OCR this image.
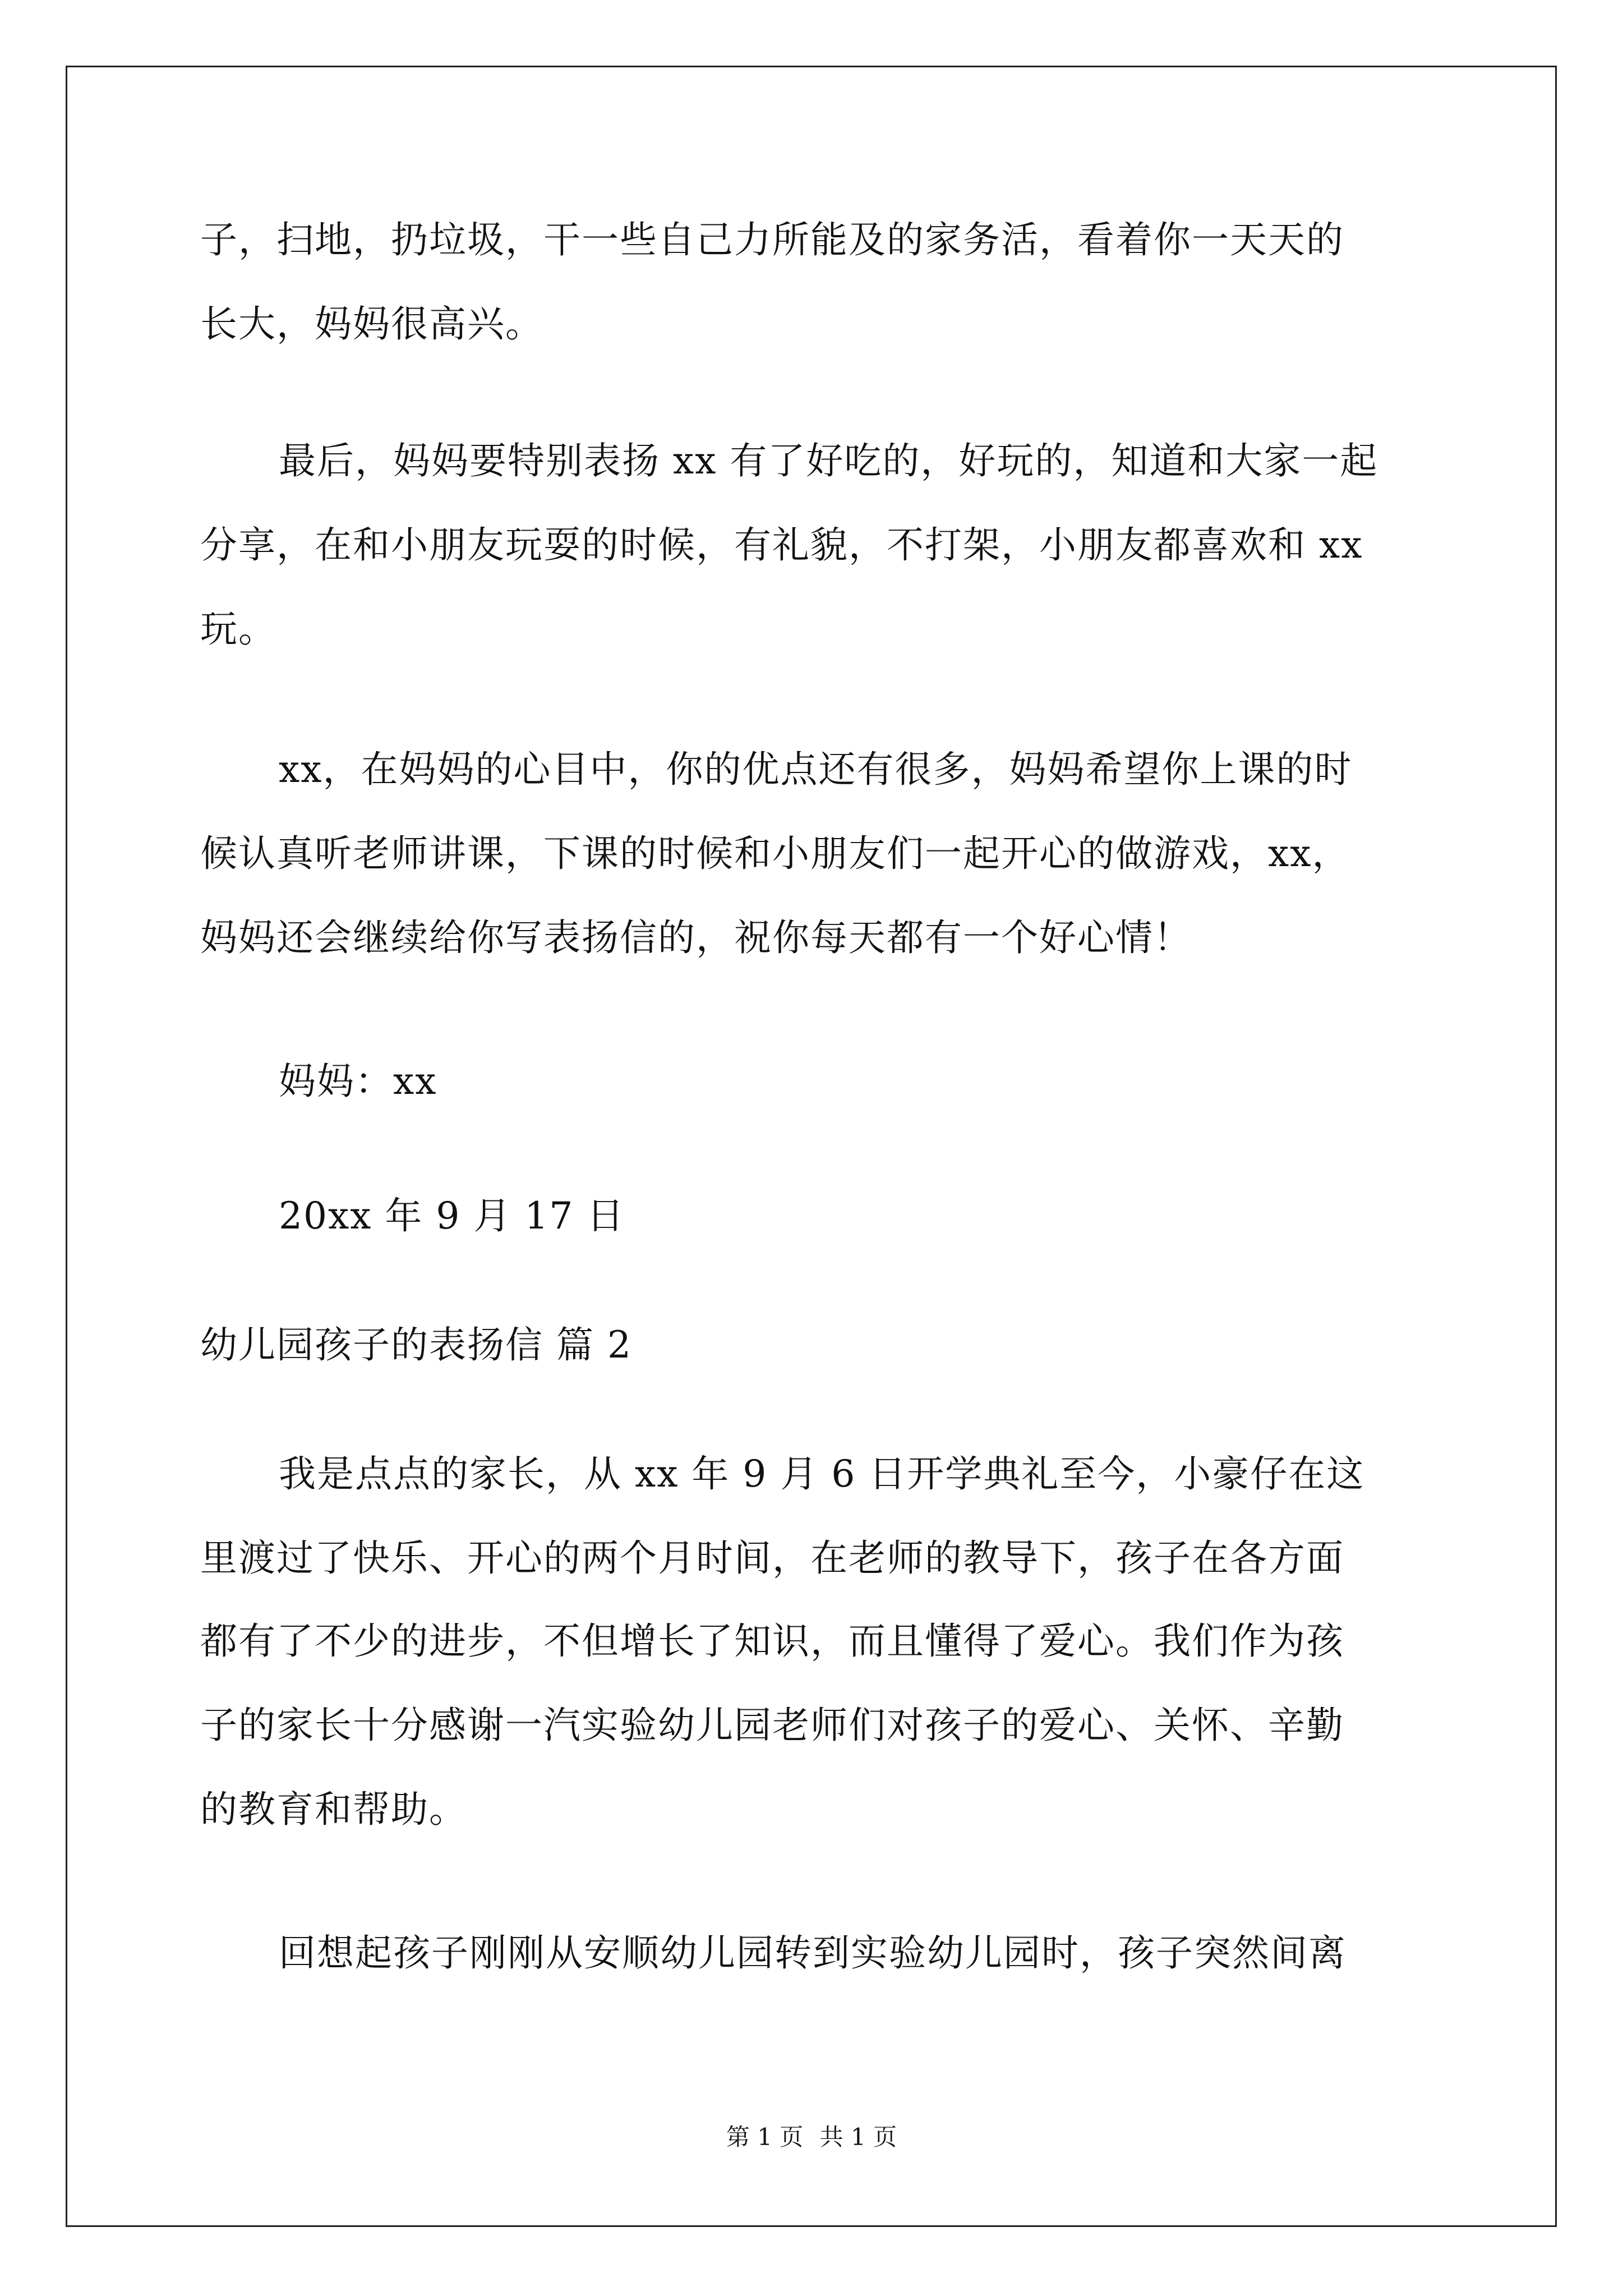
子，扫地，扔垃圾，干一些自己力所能及的家务活，看着你一天天的
长大，妈妈很高兴。
最后，妈妈要特别表扬 xx 有了好吃的，好玩的，知道和大家一起
分享，在和小朋友玩耍的时候，有礼貌，不打架，小朋友都喜欢和 xx
玩。
xx，在妈妈的心目中，你的优点还有很多，妈妈希望你上课的时
候认真听老师讲课，下课的时候和小朋友们一起开心的做游戏，xx，
妈妈还会继续给你写表扬信的，祝你每天都有一个好心情！
妈妈：xx
20xx 年 9 月 17 日
幼儿园孩子的表扬信 篇 2
我是点点的家长，从 xx 年 9 月 6 日开学典礼至今，小豪仔在这
里渡过了快乐、开心的两个月时间，在老师的教导下，孩子在各方面
都有了不少的进步，不但增长了知识，而且懂得了爱心。我们作为孩
子的家长十分感谢一汽实验幼儿园老师们对孩子的爱心、关怀、辛勤
的教育和帮助。
回想起孩子刚刚从安顺幼儿园转到实验幼儿园时，孩子突然间离
第 1 页 共 1 页
